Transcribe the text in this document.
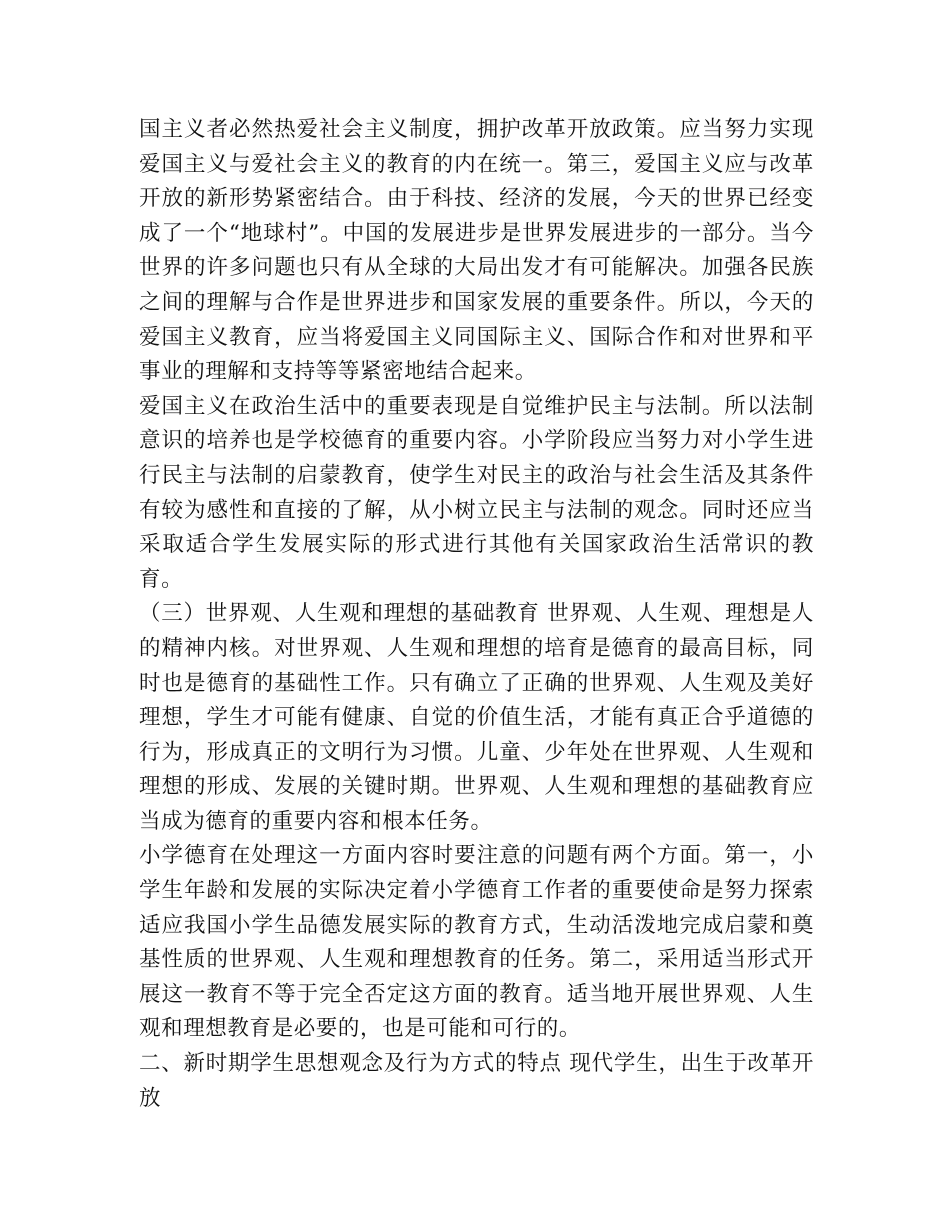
国主义者必然热爱社会主义制度，拥护改革开放政策。应当努力实现爱国主义与爱社会主义的教育的内在统一。第三，爱国主义应与改革开放的新形势紧密结合。由于科技、经济的发展，今天的世界已经变成了一个“地球村”。中国的发展进步是世界发展进步的一部分。当今世界的许多问题也只有从全球的大局出发才有可能解决。加强各民族之间的理解与合作是世界进步和国家发展的重要条件。所以，今天的爱国主义教育，应当将爱国主义同国际主义、国际合作和对世界和平事业的理解和支持等等紧密地结合起来。

爱国主义在政治生活中的重要表现是自觉维护民主与法制。所以法制意识的培养也是学校德育的重要内容。小学阶段应当努力对小学生进行民主与法制的启蒙教育，使学生对民主的政治与社会生活及其条件有较为感性和直接的了解，从小树立民主与法制的观念。同时还应当采取适合学生发展实际的形式进行其他有关国家政治生活常识的教育。

（三）世界观、人生观和理想的基础教育 世界观、人生观、理想是人的精神内核。对世界观、人生观和理想的培育是德育的最高目标，同时也是德育的基础性工作。只有确立了正确的世界观、人生观及美好理想，学生才可能有健康、自觉的价值生活，才能有真正合乎道德的行为，形成真正的文明行为习惯。儿童、少年处在世界观、人生观和理想的形成、发展的关键时期。世界观、人生观和理想的基础教育应当成为德育的重要内容和根本任务。

小学德育在处理这一方面内容时要注意的问题有两个方面。第一，小学生年龄和发展的实际决定着小学德育工作者的重要使命是努力探索适应我国小学生品德发展实际的教育方式，生动活泼地完成启蒙和奠基性质的世界观、人生观和理想教育的任务。第二，采用适当形式开展这一教育不等于完全否定这方面的教育。适当地开展世界观、人生观和理想教育是必要的，也是可能和可行的。

二、新时期学生思想观念及行为方式的特点 现代学生，出生于改革开放
